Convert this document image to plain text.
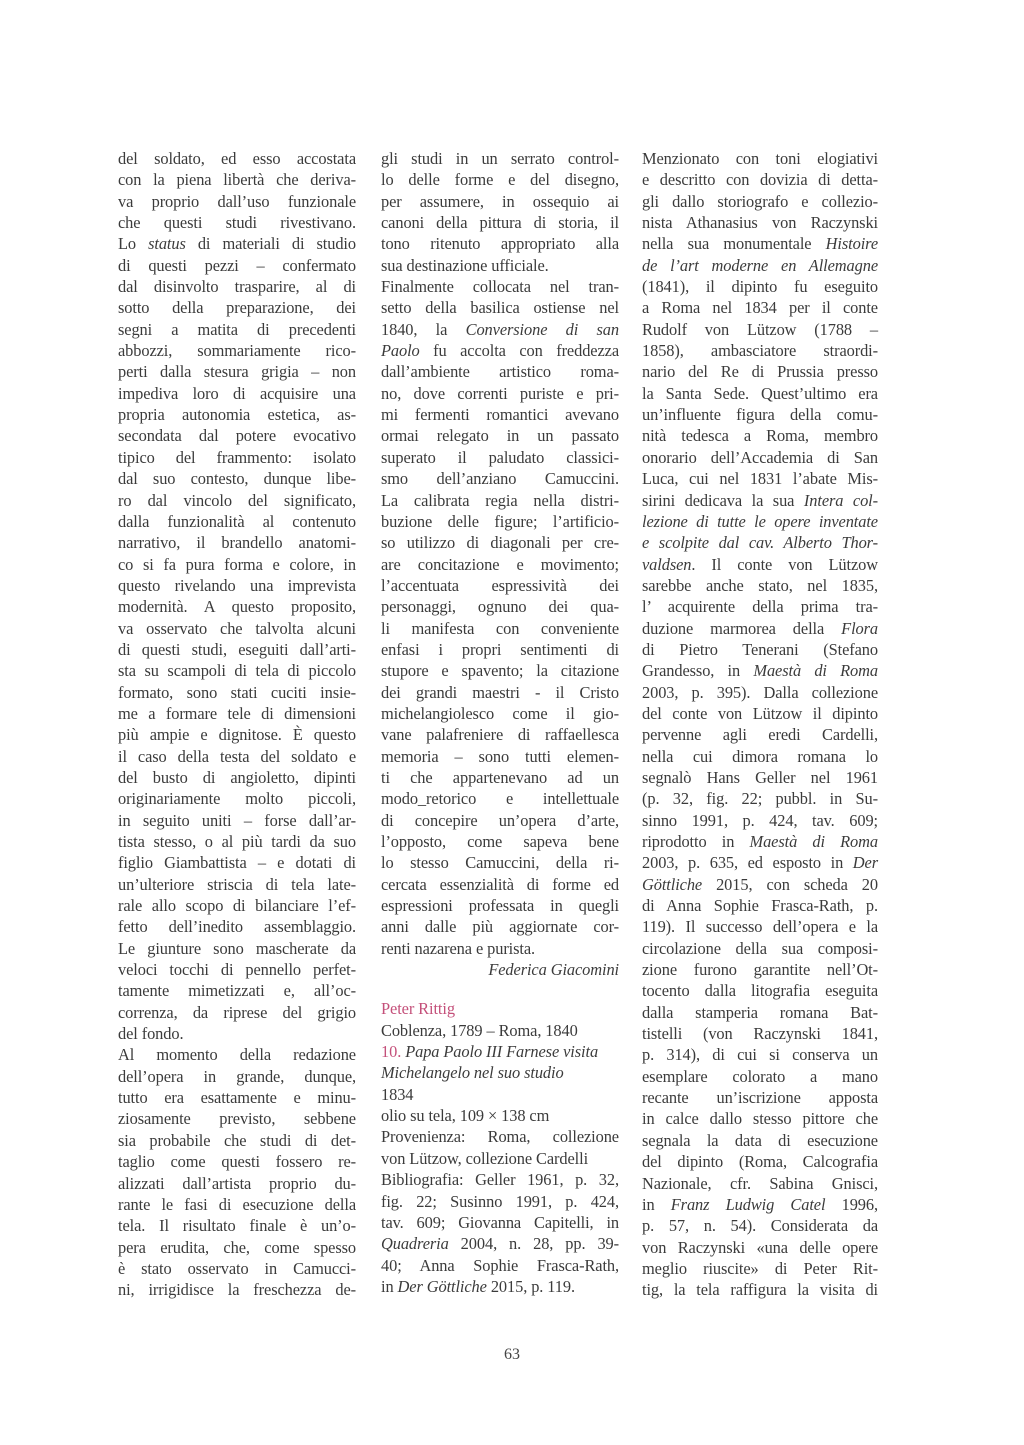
del soldato, ed esso accostata
con la piena libertà che deriva-
va proprio dall’uso funzionale
che questi studi rivestivano.
Lo status di materiali di studio
di questi pezzi – confermato
dal disinvolto trasparire, al di
sotto della preparazione, dei
segni a matita di precedenti
abbozzi, sommariamente rico-
perti dalla stesura grigia – non
impediva loro di acquisire una
propria autonomia estetica, as-
secondata dal potere evocativo
tipico del frammento: isolato
dal suo contesto, dunque libe-
ro dal vincolo del significato,
dalla funzionalità al contenuto
narrativo, il brandello anatomi-
co si fa pura forma e colore, in
questo rivelando una imprevista
modernità. A questo proposito,
va osservato che talvolta alcuni
di questi studi, eseguiti dall’arti-
sta su scampoli di tela di piccolo
formato, sono stati cuciti insie-
me a formare tele di dimensioni
più ampie e dignitose. È questo
il caso della testa del soldato e
del busto di angioletto, dipinti
originariamente molto piccoli,
in seguito uniti – forse dall’ar-
tista stesso, o al più tardi da suo
figlio Giambattista – e dotati di
un’ulteriore striscia di tela late-
rale allo scopo di bilanciare l’ef-
fetto dell’inedito assemblaggio.
Le giunture sono mascherate da
veloci tocchi di pennello perfet-
tamente mimetizzati e, all’oc-
correnza, da riprese del grigio
del fondo.
Al momento della redazione
dell’opera in grande, dunque,
tutto era esattamente e minu-
ziosamente previsto, sebbene
sia probabile che studi di det-
taglio come questi fossero re-
alizzati dall’artista proprio du-
rante le fasi di esecuzione della
tela. Il risultato finale è un’o-
pera erudita, che, come spesso
è stato osservato in Camucci-
ni, irrigidisce la freschezza de-
gli studi in un serrato control-
lo delle forme e del disegno,
per assumere, in ossequio ai
canoni della pittura di storia, il
tono ritenuto appropriato alla
sua destinazione ufficiale.
Finalmente collocata nel tran-
setto della basilica ostiense nel
1840, la Conversione di san
Paolo fu accolta con freddezza
dall’ambiente artistico roma-
no, dove correnti puriste e pri-
mi fermenti romantici avevano
ormai relegato in un passato
superato il paludato classici-
smo dell’anziano Camuccini.
La calibrata regia nella distri-
buzione delle figure; l’artificio-
so utilizzo di diagonali per cre-
are concitazione e movimento;
l’accentuata espressività dei
personaggi, ognuno dei qua-
li manifesta con conveniente
enfasi i propri sentimenti di
stupore e spavento; la citazione
dei grandi maestri - il Cristo
michelangiolesco come il gio-
vane palafreniere di raffaellesca
memoria – sono tutti elemen-
ti che appartenevano ad un
modo_retorico e intellettuale
di concepire un’opera d’arte,
l’opposto, come sapeva bene
lo stesso Camuccini, della ri-
cercata essenzialità di forme ed
espressioni professata in quegli
anni dalle più aggiornate cor-
renti nazarena e purista.
Federica Giacomini
Peter Rittig
Coblenza, 1789 – Roma, 1840
10. Papa Paolo III Farnese visita
Michelangelo nel suo studio
1834
olio su tela, 109 × 138 cm
Provenienza: Roma, collezione
von Lützow, collezione Cardelli
Bibliografia: Geller 1961, p. 32,
fig. 22; Susinno 1991, p. 424,
tav. 609; Giovanna Capitelli, in
Quadreria 2004, n. 28, pp. 39-
40; Anna Sophie Frasca-Rath,
in Der Göttliche 2015, p. 119.
Menzionato con toni elogiativi
e descritto con dovizia di detta-
gli dallo storiografo e collezio-
nista Athanasius von Raczynski
nella sua monumentale Histoire
de l’art moderne en Allemagne
(1841), il dipinto fu eseguito
a Roma nel 1834 per il conte
Rudolf von Lützow (1788 –
1858), ambasciatore straordi-
nario del Re di Prussia presso
la Santa Sede. Quest’ultimo era
un’influente figura della comu-
nità tedesca a Roma, membro
onorario dell’Accademia di San
Luca, cui nel 1831 l’abate Mis-
sirini dedicava la sua Intera col-
lezione di tutte le opere inventate
e scolpite dal cav. Alberto Thor-
valdsen. Il conte von Lützow
sarebbe anche stato, nel 1835,
l’ acquirente della prima tra-
duzione marmorea della Flora
di Pietro Tenerani (Stefano
Grandesso, in Maestà di Roma
2003, p. 395). Dalla collezione
del conte von Lützow il dipinto
pervenne agli eredi Cardelli,
nella cui dimora romana lo
segnalò Hans Geller nel 1961
(p. 32, fig. 22; pubbl. in Su-
sinno 1991, p. 424, tav. 609;
riprodotto in Maestà di Roma
2003, p. 635, ed esposto in Der
Göttliche 2015, con scheda 20
di Anna Sophie Frasca-Rath, p.
119). Il successo dell’opera e la
circolazione della sua composi-
zione furono garantite nell’Ot-
tocento dalla litografia eseguita
dalla stamperia romana Bat-
tistelli (von Raczynski 1841,
p. 314), di cui si conserva un
esemplare colorato a mano
recante un’iscrizione apposta
in calce dallo stesso pittore che
segnala la data di esecuzione
del dipinto (Roma, Calcografia
Nazionale, cfr. Sabina Gnisci,
in Franz Ludwig Catel 1996,
p. 57, n. 54). Considerata da
von Raczynski «una delle opere
meglio riuscite» di Peter Rit-
tig, la tela raffigura la visita di
63
